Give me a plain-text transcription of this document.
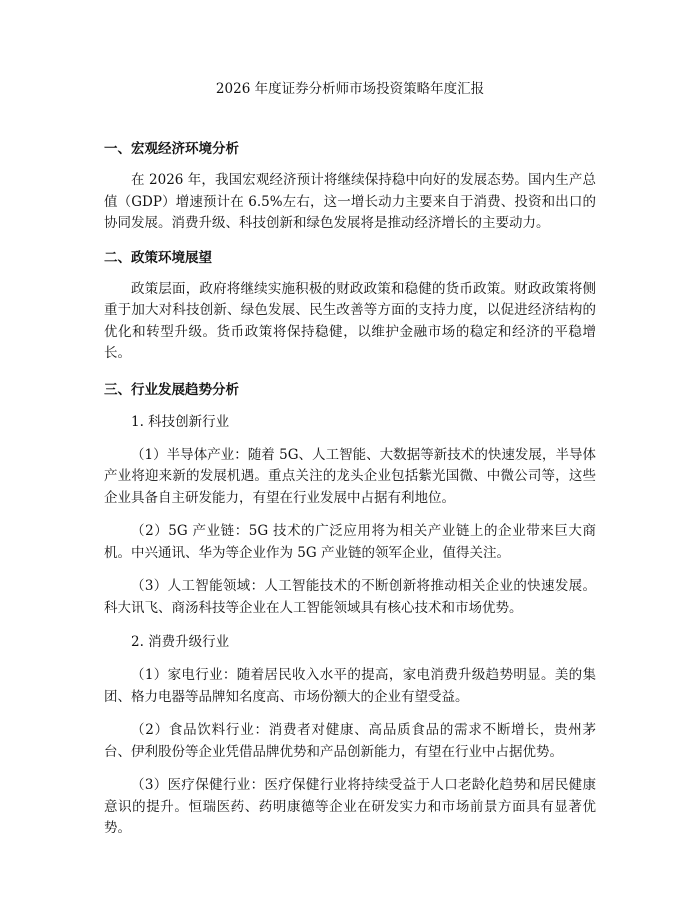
2026 年度证券分析师市场投资策略年度汇报
一、宏观经济环境分析

在 2026 年，我国宏观经济预计将继续保持稳中向好的发展态势。国内生产总值（GDP）增速预计在 6.5%左右，这一增长动力主要来自于消费、投资和出口的协同发展。消费升级、科技创新和绿色发展将是推动经济增长的主要动力。

二、政策环境展望

政策层面，政府将继续实施积极的财政政策和稳健的货币政策。财政政策将侧重于加大对科技创新、绿色发展、民生改善等方面的支持力度，以促进经济结构的优化和转型升级。货币政策将保持稳健，以维护金融市场的稳定和经济的平稳增长。

三、行业发展趋势分析
1. 科技创新行业

（1）半导体产业：随着 5G、人工智能、大数据等新技术的快速发展，半导体产业将迎来新的发展机遇。重点关注的龙头企业包括紫光国微、中微公司等，这些企业具备自主研发能力，有望在行业发展中占据有利地位。

（2）5G 产业链：5G 技术的广泛应用将为相关产业链上的企业带来巨大商机。中兴通讯、华为等企业作为 5G 产业链的领军企业，值得关注。

（3）人工智能领域：人工智能技术的不断创新将推动相关企业的快速发展。科大讯飞、商汤科技等企业在人工智能领域具有核心技术和市场优势。

2. 消费升级行业

（1）家电行业：随着居民收入水平的提高，家电消费升级趋势明显。美的集团、格力电器等品牌知名度高、市场份额大的企业有望受益。

（2）食品饮料行业：消费者对健康、高品质食品的需求不断增长，贵州茅台、伊利股份等企业凭借品牌优势和产品创新能力，有望在行业中占据优势。

（3）医疗保健行业：医疗保健行业将持续受益于人口老龄化趋势和居民健康意识的提升。恒瑞医药、药明康德等企业在研发实力和市场前景方面具有显著优势。
